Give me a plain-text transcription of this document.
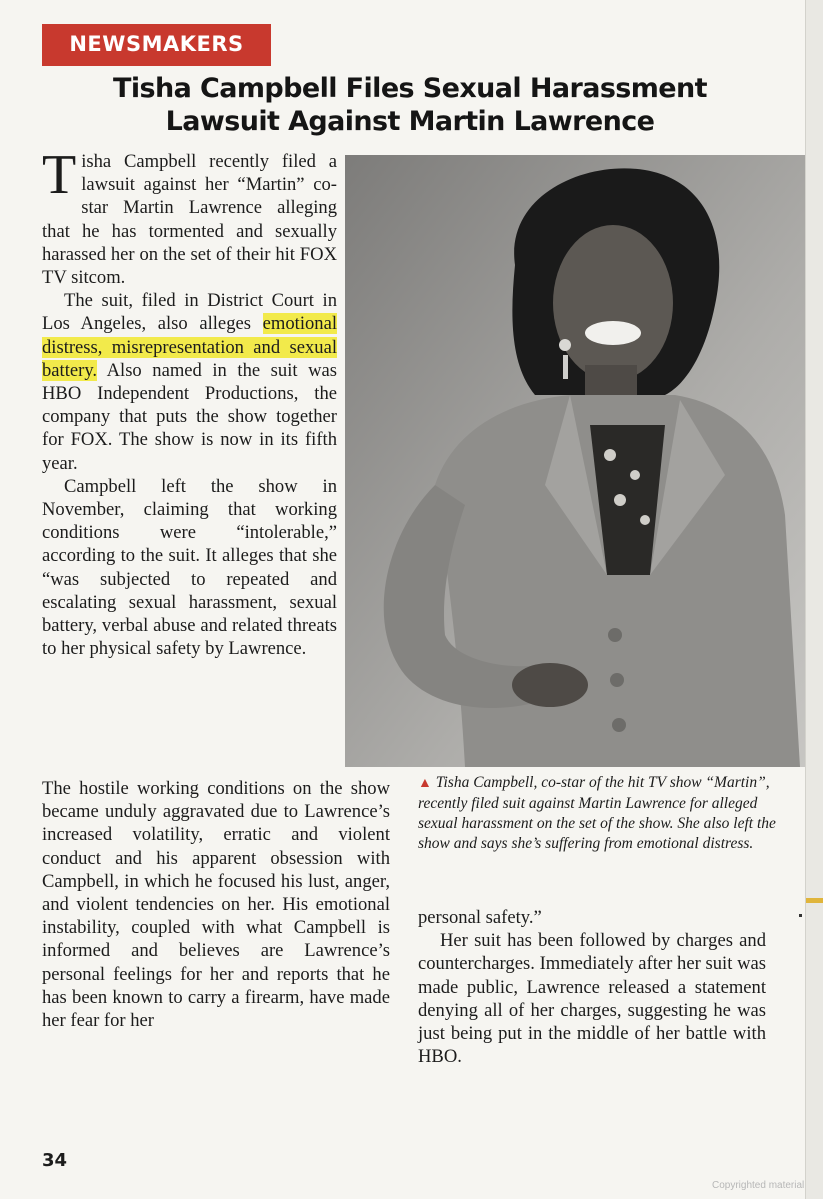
NEWSMAKERS
Tisha Campbell Files Sexual Harassment
Lawsuit Against Martin Lawrence

Tisha Campbell recently filed a lawsuit against her “Martin” co-star Martin Lawrence alleging that he has tormented and sexually harassed her on the set of their hit FOX TV sitcom.

The suit, filed in District Court in Los Angeles, also alleges emotional distress, misrepresentation and sexual battery. Also named in the suit was HBO Independent Productions, the company that puts the show together for FOX. The show is now in its fifth year.

Campbell left the show in November, claiming that working conditions were “intolerable,” according to the suit. It alleges that she “was subjected to repeated and escalating sexual harassment, sexual battery, verbal abuse and related threats to her physical safety by Lawrence.

The hostile working conditions on the show became unduly aggravated due to Lawrence’s increased volatility, erratic and violent conduct and his apparent obsession with Campbell, in which he focused his lust, anger, and violent tendencies on her. His emotional instability, coupled with what Campbell is informed and believes are Lawrence’s personal feelings for her and reports that he has been known to carry a firearm, have made her fear for her

▲ Tisha Campbell, co-star of the hit TV show “Martin”, recently filed suit against Martin Lawrence for alleged sexual harassment on the set of the show. She also left the show and says she’s suffering from emotional distress.

personal safety.”

Her suit has been followed by charges and countercharges. Immediately after her suit was made public, Lawrence released a statement denying all of her charges, suggesting he was just being put in the middle of her battle with HBO.

34
Copyrighted material
